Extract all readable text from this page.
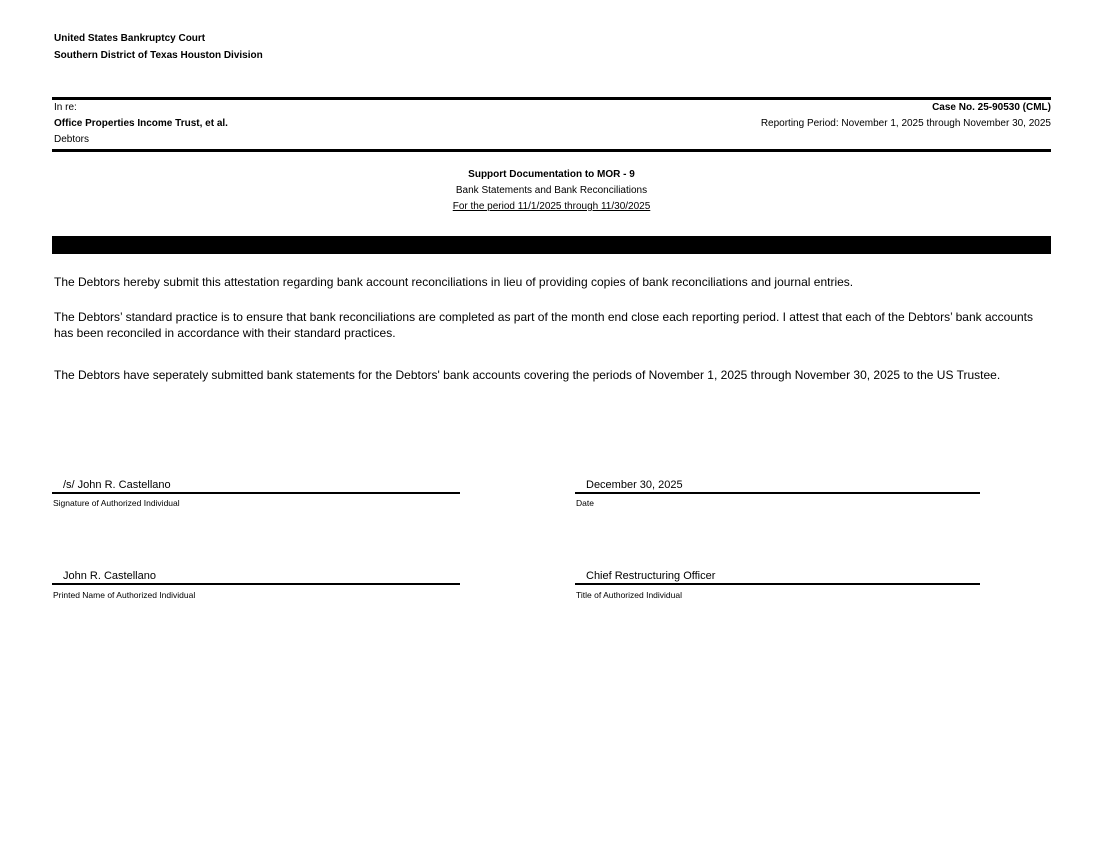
United States Bankruptcy Court
Southern District of Texas Houston Division
In re:
Office Properties Income Trust, et al.
Debtors
Case No. 25-90530 (CML)
Reporting Period: November 1, 2025 through November 30, 2025
Support Documentation to MOR - 9
Bank Statements and Bank Reconciliations
For the period 11/1/2025 through 11/30/2025
The Debtors hereby submit this attestation regarding bank account reconciliations in lieu of providing copies of bank reconciliations and journal entries.
The Debtors’ standard practice is to ensure that bank reconciliations are completed as part of the month end close each reporting period. I attest that each of the Debtors’ bank accounts has been reconciled in accordance with their standard practices.
The Debtors have seperately submitted bank statements for the Debtors' bank accounts covering the periods of November 1, 2025 through November 30, 2025 to the US Trustee.
/s/ John R. Castellano
Signature of Authorized Individual
December 30, 2025
Date
John R. Castellano
Printed Name of Authorized Individual
Chief Restructuring Officer
Title of Authorized Individual
